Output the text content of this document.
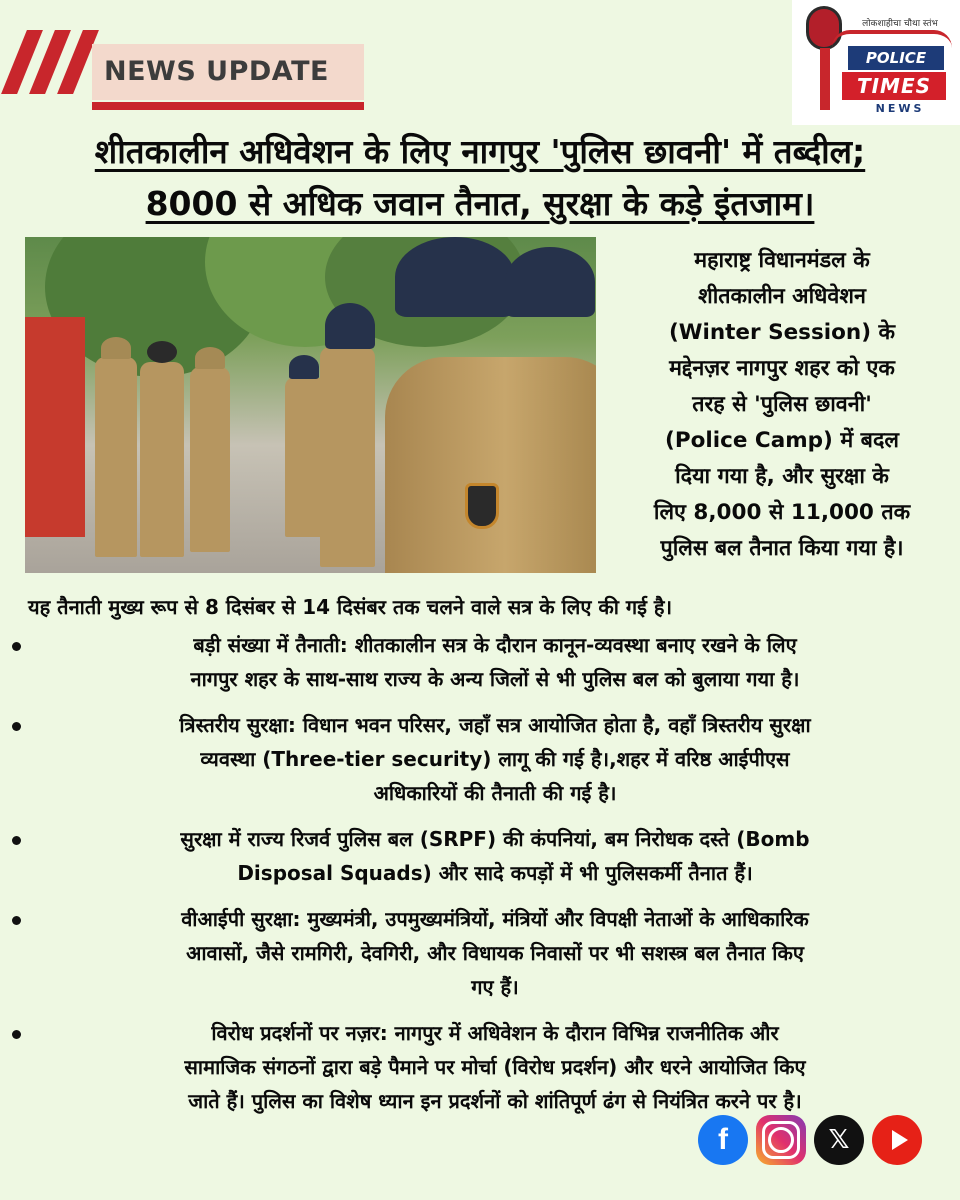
NEWS UPDATE
लोकशाहीचा चौथा स्तंभ
POLICE
TIMES
NEWS
शीतकालीन अधिवेशन के लिए नागपुर 'पुलिस छावनी' में तब्दील;
8000 से अधिक जवान तैनात, सुरक्षा के कड़े इंतजाम।
महाराष्ट्र विधानमंडल के
शीतकालीन अधिवेशन
(Winter Session) के
मद्देनज़र नागपुर शहर को एक
तरह से 'पुलिस छावनी'
(Police Camp) में बदल
दिया गया है, और सुरक्षा के
लिए 8,000 से 11,000 तक
पुलिस बल तैनात किया गया है।
यह तैनाती मुख्य रूप से 8 दिसंबर से 14 दिसंबर तक चलने वाले सत्र के लिए की गई है।
बड़ी संख्या में तैनाती: शीतकालीन सत्र के दौरान कानून-व्यवस्था बनाए रखने के लिए
नागपुर शहर के साथ-साथ राज्य के अन्य जिलों से भी पुलिस बल को बुलाया गया है।
त्रिस्तरीय सुरक्षा: विधान भवन परिसर, जहाँ सत्र आयोजित होता है, वहाँ त्रिस्तरीय सुरक्षा
व्यवस्था (Three-tier security) लागू की गई है।,शहर में वरिष्ठ आईपीएस
अधिकारियों की तैनाती की गई है।
सुरक्षा में राज्य रिजर्व पुलिस बल (SRPF) की कंपनियां, बम निरोधक दस्ते (Bomb
Disposal Squads) और सादे कपड़ों में भी पुलिसकर्मी तैनात हैं।
वीआईपी सुरक्षा: मुख्यमंत्री, उपमुख्यमंत्रियों, मंत्रियों और विपक्षी नेताओं के आधिकारिक
आवासों, जैसे रामगिरी, देवगिरी, और विधायक निवासों पर भी सशस्त्र बल तैनात किए
गए हैं।
विरोध प्रदर्शनों पर नज़र: नागपुर में अधिवेशन के दौरान विभिन्न राजनीतिक और
सामाजिक संगठनों द्वारा बड़े पैमाने पर मोर्चा (विरोध प्रदर्शन) और धरने आयोजित किए
जाते हैं। पुलिस का विशेष ध्यान इन प्रदर्शनों को शांतिपूर्ण ढंग से नियंत्रित करने पर है।
f	𝕏
